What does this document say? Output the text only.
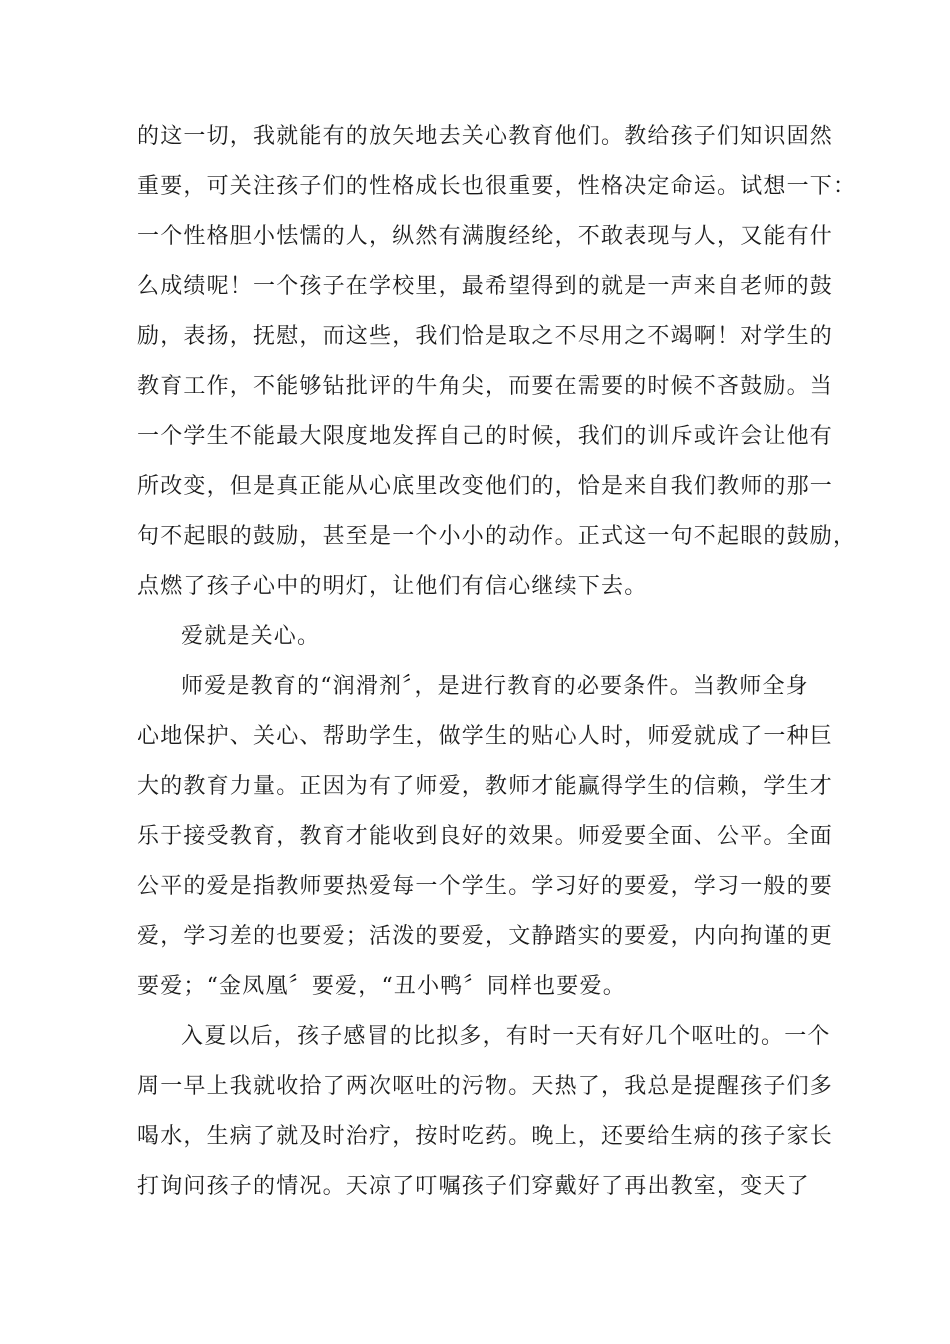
的这一切，我就能有的放矢地去关心教育他们。教给孩子们知识固然
重要，可关注孩子们的性格成长也很重要，性格决定命运。试想一下：
一个性格胆小怯懦的人，纵然有满腹经纶，不敢表现与人，又能有什
么成绩呢！一个孩子在学校里，最希望得到的就是一声来自老师的鼓
励，表扬，抚慰，而这些，我们恰是取之不尽用之不竭啊！对学生的
教育工作，不能够钻批评的牛角尖，而要在需要的时候不吝鼓励。当
一个学生不能最大限度地发挥自己的时候，我们的训斥或许会让他有
所改变，但是真正能从心底里改变他们的，恰是来自我们教师的那一
句不起眼的鼓励，甚至是一个小小的动作。正式这一句不起眼的鼓励，
点燃了孩子心中的明灯，让他们有信心继续下去。
爱就是关心。
师爱是教育的“润滑剂〞，是进行教育的必要条件。当教师全身
心地保护、关心、帮助学生，做学生的贴心人时，师爱就成了一种巨
大的教育力量。正因为有了师爱，教师才能赢得学生的信赖，学生才
乐于接受教育，教育才能收到良好的效果。师爱要全面、公平。全面
公平的爱是指教师要热爱每一个学生。学习好的要爱，学习一般的要
爱，学习差的也要爱；活泼的要爱，文静踏实的要爱，内向拘谨的更
要爱；“金凤凰〞要爱，“丑小鸭〞同样也要爱。
入夏以后，孩子感冒的比拟多，有时一天有好几个呕吐的。一个
周一早上我就收拾了两次呕吐的污物。天热了，我总是提醒孩子们多
喝水，生病了就及时治疗，按时吃药。晚上，还要给生病的孩子家长
打询问孩子的情况。天凉了叮嘱孩子们穿戴好了再出教室，变天了
